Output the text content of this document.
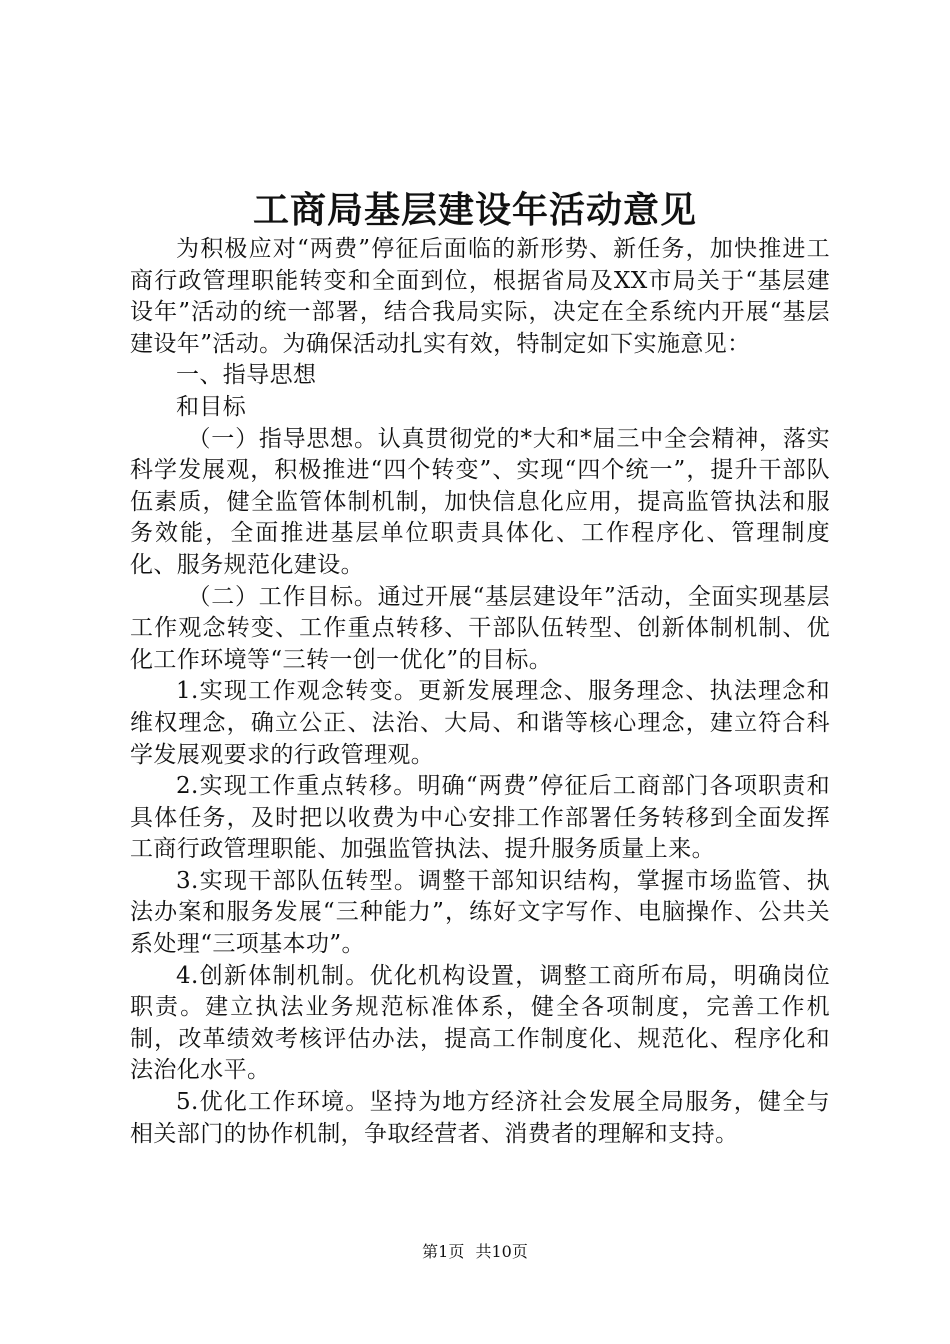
工商局基层建设年活动意见

为积极应对“两费”停征后面临的新形势、新任务，加快推进工商行政管理职能转变和全面到位，根据省局及XX市局关于“基层建设年”活动的统一部署，结合我局实际，决定在全系统内开展“基层建设年”活动。为确保活动扎实有效，特制定如下实施意见：

一、指导思想

和目标

（一）指导思想。认真贯彻党的*大和*届三中全会精神，落实科学发展观，积极推进“四个转变”、实现“四个统一”，提升干部队伍素质，健全监管体制机制，加快信息化应用，提高监管执法和服务效能，全面推进基层单位职责具体化、工作程序化、管理制度化、服务规范化建设。

（二）工作目标。通过开展“基层建设年”活动，全面实现基层工作观念转变、工作重点转移、干部队伍转型、创新体制机制、优化工作环境等“三转一创一优化”的目标。

1.实现工作观念转变。更新发展理念、服务理念、执法理念和维权理念，确立公正、法治、大局、和谐等核心理念，建立符合科学发展观要求的行政管理观。

2.实现工作重点转移。明确“两费”停征后工商部门各项职责和具体任务，及时把以收费为中心安排工作部署任务转移到全面发挥工商行政管理职能、加强监管执法、提升服务质量上来。

3.实现干部队伍转型。调整干部知识结构，掌握市场监管、执法办案和服务发展“三种能力”，练好文字写作、电脑操作、公共关系处理“三项基本功”。

4.创新体制机制。优化机构设置，调整工商所布局，明确岗位职责。建立执法业务规范标准体系，健全各项制度，完善工作机制，改革绩效考核评估办法，提高工作制度化、规范化、程序化和法治化水平。

5.优化工作环境。坚持为地方经济社会发展全局服务，健全与相关部门的协作机制，争取经营者、消费者的理解和支持。

第1页 共10页
